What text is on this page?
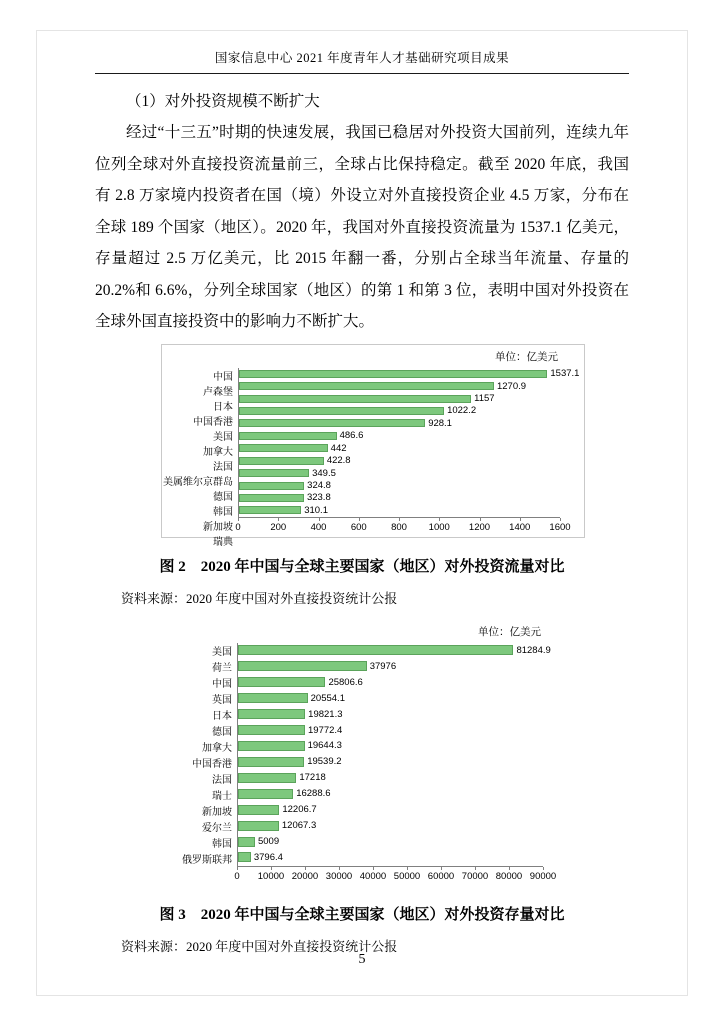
国家信息中心 2021 年度青年人才基础研究项目成果

（1）对外投资规模不断扩大

经过“十三五”时期的快速发展，我国已稳居对外投资大国前列，连续九年位列全球对外直接投资流量前三，全球占比保持稳定。截至 2020 年底，我国有 2.8 万家境内投资者在国（境）外设立对外直接投资企业 4.5 万家，分布在全球 189 个国家（地区）。2020 年，我国对外直接投资流量为 1537.1 亿美元，存量超过 2.5 万亿美元，比 2015 年翻一番，分别占全球当年流量、存量的 20.2%和 6.6%，分列全球国家（地区）的第 1 和第 3 位，表明中国对外投资在全球外国直接投资中的影响力不断扩大。

单位：亿美元
中国
卢森堡
日本
中国香港
美国
加拿大
法国
美属维尔京群岛
德国
韩国
新加坡
瑞典
1537.1
1270.9
1157
1022.2
928.1
486.6
442
422.8
349.5
324.8
323.8
310.1
0	200	400	600	800 1000 1200 1400 1600

图 2　2020 年中国与全球主要国家（地区）对外投资流量对比

资料来源：2020 年度中国对外直接投资统计公报

单位：亿美元
美国
荷兰
中国
英国
日本
德国
加拿大
中国香港
法国
瑞士
新加坡
爱尔兰
韩国
俄罗斯联邦
81284.9
37976
25806.6
20554.1
19821.3
19772.4
19644.3
19539.2
17218
16288.6
12206.7
12067.3
5009
3796.4
0 10000 20000 30000 40000 50000 60000 70000 80000 90000

图 3　2020 年中国与全球主要国家（地区）对外投资存量对比

资料来源：2020 年度中国对外直接投资统计公报

5
